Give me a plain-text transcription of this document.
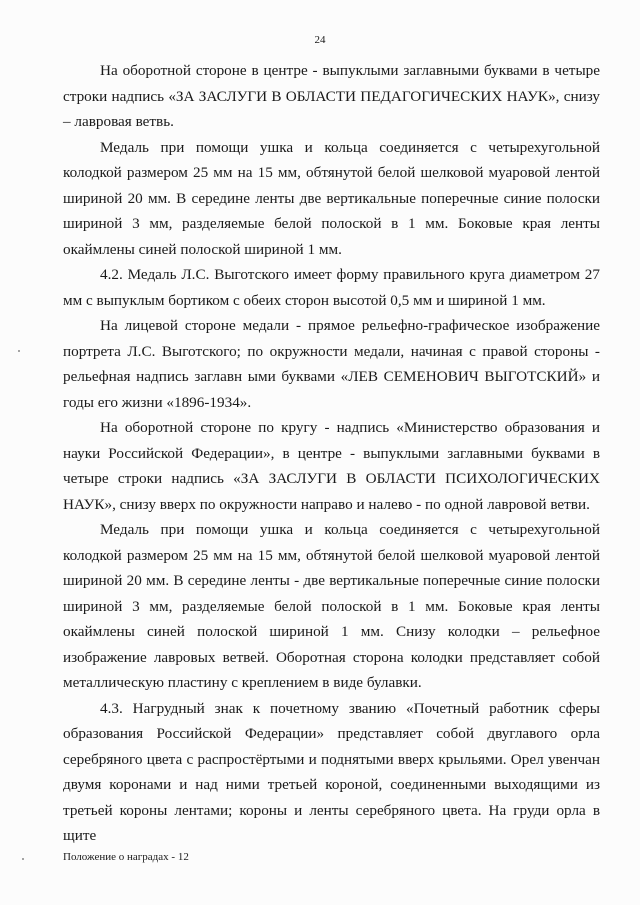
24

На оборотной стороне в центре - выпуклыми заглавными буквами в четыре строки надпись «ЗА ЗАСЛУГИ В ОБЛАСТИ ПЕДАГОГИЧЕСКИХ НАУК», снизу – лавровая ветвь.

Медаль при помощи ушка и кольца соединяется с четырехугольной колодкой размером 25 мм на 15 мм, обтянутой белой шелковой муаровой лентой шириной 20 мм. В середине ленты две вертикальные поперечные синие полоски шириной 3 мм, разделяемые белой полоской в 1 мм. Боковые края ленты окаймлены синей полоской шириной 1 мм.

4.2. Медаль Л.С. Выготского имеет форму правильного круга диаметром 27 мм с выпуклым бортиком с обеих сторон высотой 0,5 мм и шириной 1 мм.

На лицевой стороне медали - прямое рельефно-графическое изображение портрета Л.С. Выготского; по окружности медали, начиная с правой стороны - рельефная надпись заглавн ыми буквами «ЛЕВ СЕМЕНОВИЧ ВЫГОТСКИЙ» и годы его жизни «1896-1934».

На оборотной стороне по кругу - надпись «Министерство образования и науки Российской Федерации», в центре - выпуклыми заглавными буквами в четыре строки надпись «ЗА ЗАСЛУГИ В ОБЛАСТИ ПСИХОЛОГИЧЕСКИХ НАУК», снизу вверх по окружности направо и налево - по одной лавровой ветви.

Медаль при помощи ушка и кольца соединяется с четырехугольной колодкой размером 25 мм на 15 мм, обтянутой белой шелковой муаровой лентой шириной 20 мм. В середине ленты - две вертикальные поперечные синие полоски шириной 3 мм, разделяемые белой полоской в 1 мм. Боковые края ленты окаймлены синей полоской шириной 1 мм. Снизу колодки – рельефное изображение лавровых ветвей. Оборотная сторона колодки представляет собой металлическую пластину с креплением в виде булавки.

4.3. Нагрудный знак к почетному званию «Почетный работник сферы образования Российской Федерации» представляет собой двуглавого орла серебряного цвета с распростёртыми и поднятыми вверх крыльями. Орел увенчан двумя коронами и над ними третьей короной, соединенными выходящими из третьей короны лентами; короны и ленты серебряного цвета. На груди орла в щите

Положение о наградах - 12
